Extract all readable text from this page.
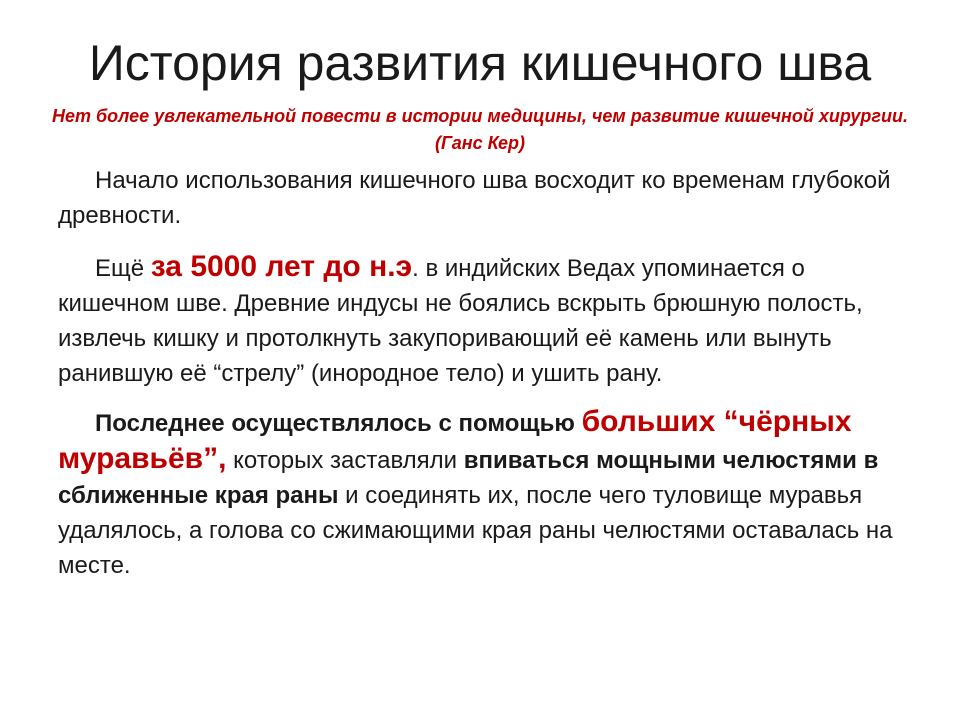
История развития кишечного шва

Нет более увлекательной повести в истории медицины, чем развитие кишечной хирургии. (Ганс Кер)

Начало использования кишечного шва восходит ко временам глубокой древности.

Ещё за 5000 лет до н.э. в индийских Ведах упоминается о кишечном шве. Древние индусы не боялись вскрыть брюшную полость, извлечь кишку и протолкнуть закупоривающий её камень или вынуть ранившую её “стрелу” (инородное тело) и ушить рану.

Последнее осуществлялось с помощью больших “чёрных муравьёв”, которых заставляли впиваться мощными челюстями в сближенные края раны и соединять их, после чего туловище муравья удалялось, а голова со сжимающими края раны челюстями оставалась на месте.
